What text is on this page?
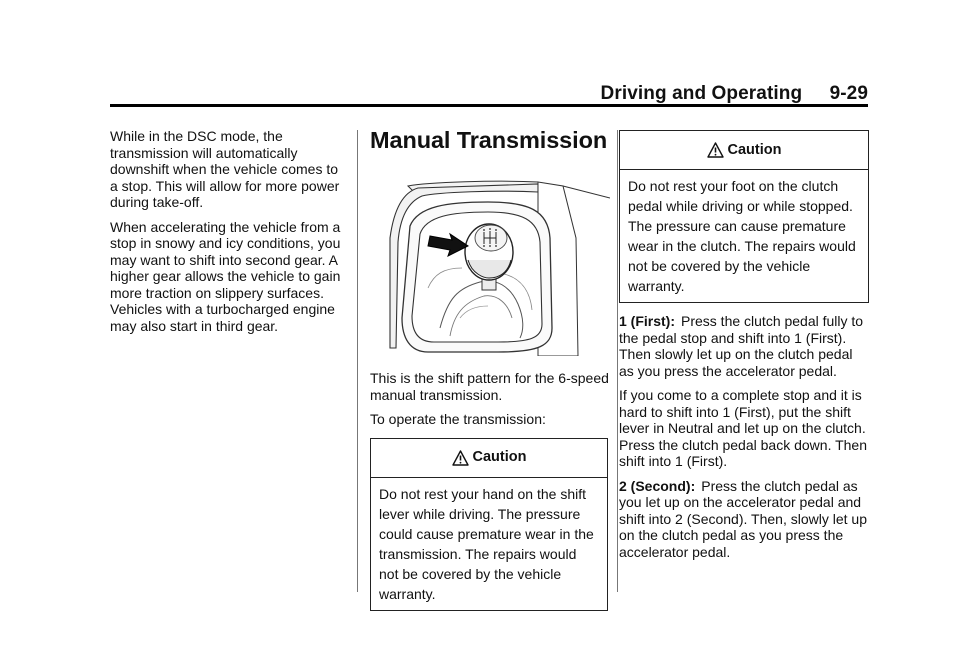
Driving and Operating 9-29

While in the DSC mode, the transmission will automatically downshift when the vehicle comes to a stop. This will allow for more power during take-off.

When accelerating the vehicle from a stop in snowy and icy conditions, you may want to shift into second gear. A higher gear allows the vehicle to gain more traction on slippery surfaces. Vehicles with a turbocharged engine may also start in third gear.

Manual Transmission

This is the shift pattern for the 6-speed manual transmission.

To operate the transmission:

Caution
Do not rest your hand on the shift lever while driving. The pressure could cause premature wear in the transmission. The repairs would not be covered by the vehicle warranty.
Caution
Do not rest your foot on the clutch pedal while driving or while stopped. The pressure can cause premature wear in the clutch. The repairs would not be covered by the vehicle warranty.

1 (First): Press the clutch pedal fully to the pedal stop and shift into 1 (First). Then slowly let up on the clutch pedal as you press the accelerator pedal.

If you come to a complete stop and it is hard to shift into 1 (First), put the shift lever in Neutral and let up on the clutch. Press the clutch pedal back down. Then shift into 1 (First).

2 (Second): Press the clutch pedal as you let up on the accelerator pedal and shift into 2 (Second). Then, slowly let up on the clutch pedal as you press the accelerator pedal.
